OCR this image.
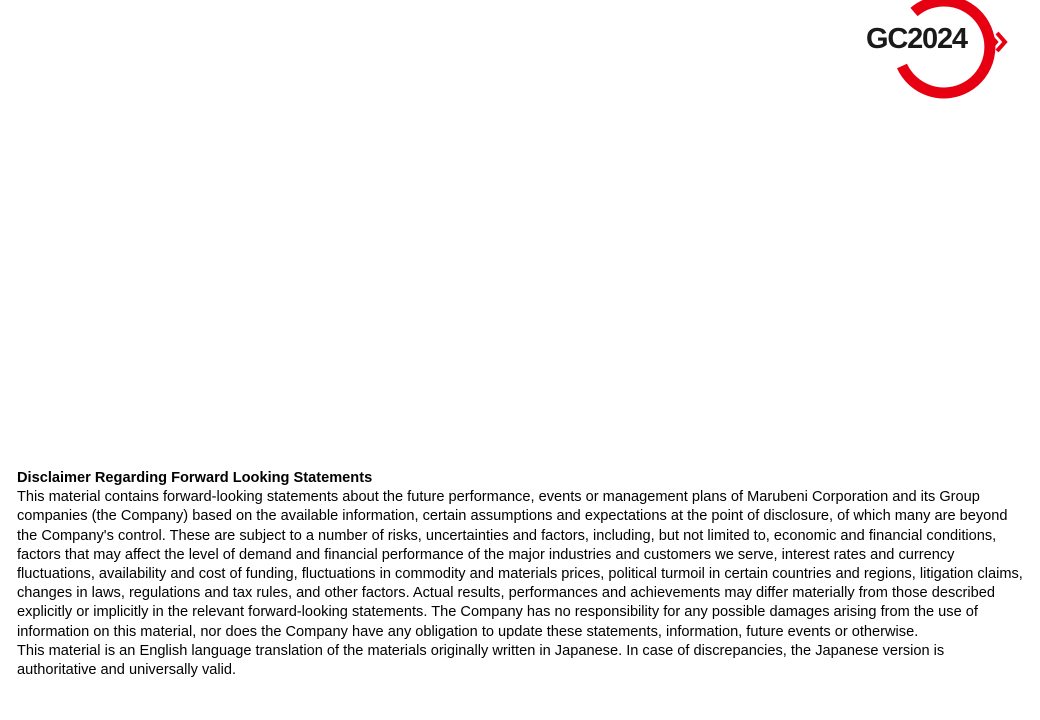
GC2024

Disclaimer Regarding Forward Looking Statements

This material contains forward-looking statements about the future performance, events or management plans of Marubeni Corporation and its Group companies (the Company) based on the available information, certain assumptions and expectations at the point of disclosure, of which many are beyond the Company's control. These are subject to a number of risks, uncertainties and factors, including, but not limited to, economic and financial conditions, factors that may affect the level of demand and financial performance of the major industries and customers we serve, interest rates and currency fluctuations, availability and cost of funding, fluctuations in commodity and materials prices, political turmoil in certain countries and regions, litigation claims, changes in laws, regulations and tax rules, and other factors. Actual results, performances and achievements may differ materially from those described explicitly or implicitly in the relevant forward-looking statements. The Company has no responsibility for any possible damages arising from the use of information on this material, nor does the Company have any obligation to update these statements, information, future events or otherwise.

This material is an English language translation of the materials originally written in Japanese. In case of discrepancies, the Japanese version is authoritative and universally valid.
